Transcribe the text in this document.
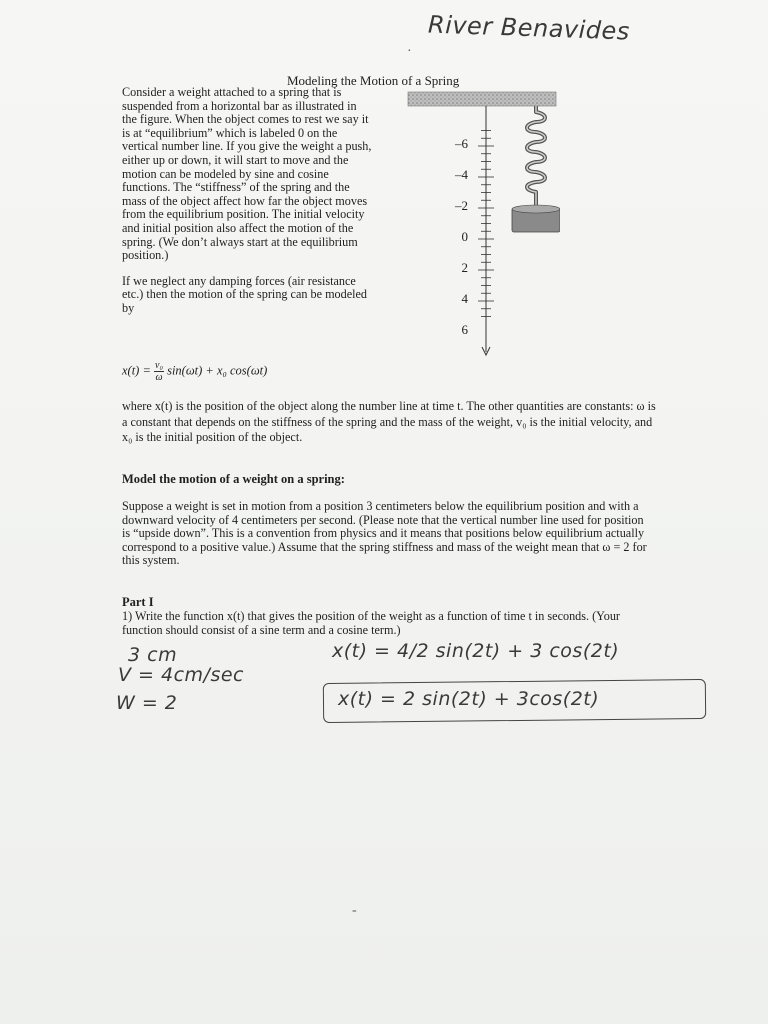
River Benavides
·
Modeling the Motion of a Spring

Consider a weight attached to a spring that is suspended from a horizontal bar as illustrated in the figure. When the object comes to rest we say it is at “equilibrium” which is labeled 0 on the vertical number line. If you give the weight a push, either up or down, it will start to move and the motion can be modeled by sine and cosine functions. The “stiffness” of the spring and the mass of the object affect how far the object moves from the equilibrium position. The initial velocity and initial position also affect the motion of the spring. (We don’t always start at the equilibrium position.)

If we neglect any damping forces (air resistance etc.) then the motion of the spring can be modeled by

$x(t) = \frac{\text{v₀}}{\omega} \sin(\omega t) + x_0$ cos(ωt)
–6
–4
–2
0
2
4
6
where x(t) is the position of the object along the number line at time t. The other quantities are constants: ω is a constant that depends on the stiffness of the spring and the mass of the weight, v₀ is the initial velocity, and x₀ is the initial position of the object.
Model the motion of a weight on a spring:
Suppose a weight is set in motion from a position 3 centimeters below the equilibrium position and with a downward velocity of 4 centimeters per second. (Please note that the vertical number line used for position is “upside down”. This is a convention from physics and it means that positions below equilibrium actually correspond to a positive value.) Assume that the spring stiffness and mass of the weight mean that ω = 2 for this system.
Part I
1) Write the function x(t) that gives the position of the weight as a function of time t in seconds. (Your function should consist of a sine term and a cosine term.)
3 cm
V = 4cm/sec
W = 2
x(t) = 4/2 sin(2t) + 3 cos(2t)
x(t) = 2 sin(2t) + 3cos(2t)
-
